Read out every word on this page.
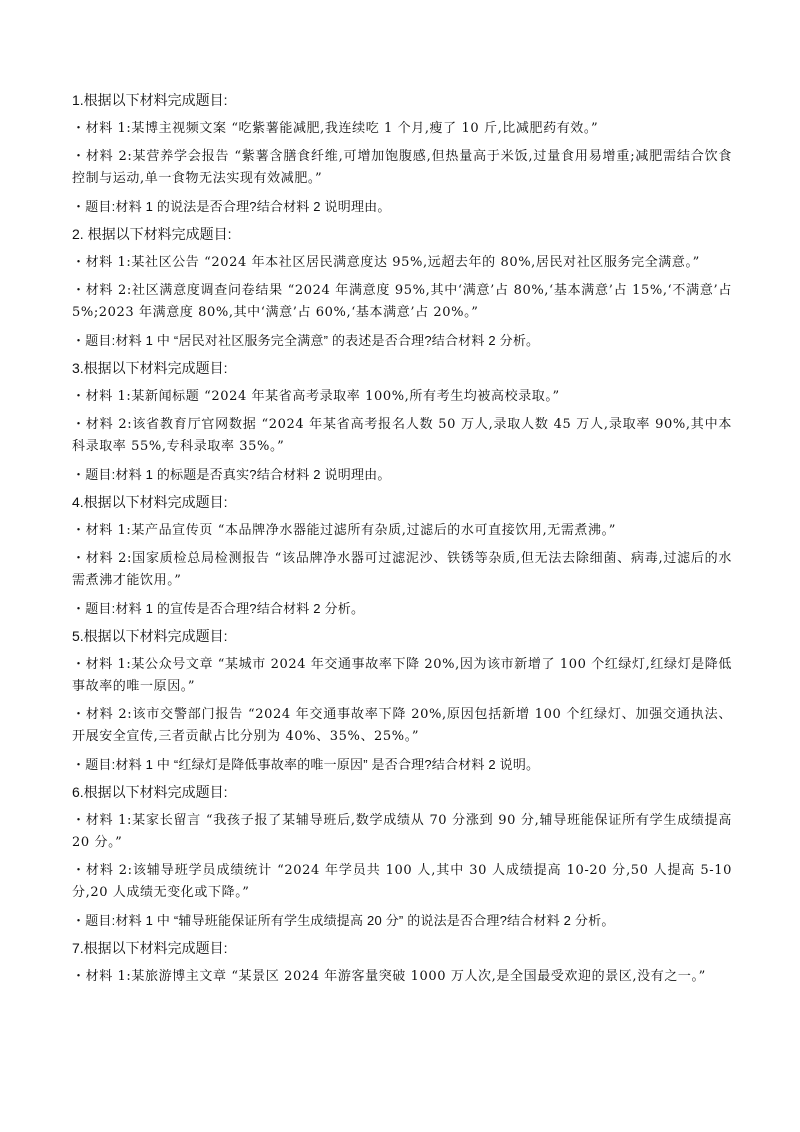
1.根据以下材料完成题目:
・材料 1:某博主视频文案 “吃紫薯能减肥,我连续吃 1 个月,瘦了 10 斤,比减肥药有效。”
・材料 2:某营养学会报告 “紫薯含膳食纤维,可增加饱腹感,但热量高于米饭,过量食用易增重;减肥需结合饮食控制与运动,单一食物无法实现有效减肥。”
・题目:材料 1 的说法是否合理?结合材料 2 说明理由。
2. 根据以下材料完成题目:
・材料 1:某社区公告 “2024 年本社区居民满意度达 95%,远超去年的 80%,居民对社区服务完全满意。”
・材料 2:社区满意度调查问卷结果 “2024 年满意度 95%,其中‘满意’占 80%,‘基本满意’占 15%,‘不满意’占 5%;2023 年满意度 80%,其中‘满意’占 60%,‘基本满意’占 20%。”
・题目:材料 1 中 “居民对社区服务完全满意” 的表述是否合理?结合材料 2 分析。
3.根据以下材料完成题目:
・材料 1:某新闻标题 “2024 年某省高考录取率 100%,所有考生均被高校录取。”
・材料 2:该省教育厅官网数据 “2024 年某省高考报名人数 50 万人,录取人数 45 万人,录取率 90%,其中本科录取率 55%,专科录取率 35%。”
・题目:材料 1 的标题是否真实?结合材料 2 说明理由。
4.根据以下材料完成题目:
・材料 1:某产品宣传页 “本品牌净水器能过滤所有杂质,过滤后的水可直接饮用,无需煮沸。”
・材料 2:国家质检总局检测报告 “该品牌净水器可过滤泥沙、铁锈等杂质,但无法去除细菌、病毒,过滤后的水需煮沸才能饮用。”
・题目:材料 1 的宣传是否合理?结合材料 2 分析。
5.根据以下材料完成题目:
・材料 1:某公众号文章 “某城市 2024 年交通事故率下降 20%,因为该市新增了 100 个红绿灯,红绿灯是降低事故率的唯一原因。”
・材料 2:该市交警部门报告 “2024 年交通事故率下降 20%,原因包括新增 100 个红绿灯、加强交通执法、开展安全宣传,三者贡献占比分别为 40%、35%、25%。”
・题目:材料 1 中 “红绿灯是降低事故率的唯一原因” 是否合理?结合材料 2 说明。
6.根据以下材料完成题目:
・材料 1:某家长留言 “我孩子报了某辅导班后,数学成绩从 70 分涨到 90 分,辅导班能保证所有学生成绩提高 20 分。”
・材料 2:该辅导班学员成绩统计 “2024 年学员共 100 人,其中 30 人成绩提高 10-20 分,50 人提高 5-10 分,20 人成绩无变化或下降。”
・题目:材料 1 中 “辅导班能保证所有学生成绩提高 20 分” 的说法是否合理?结合材料 2 分析。
7.根据以下材料完成题目:
・材料 1:某旅游博主文章 “某景区 2024 年游客量突破 1000 万人次,是全国最受欢迎的景区,没有之一。”
